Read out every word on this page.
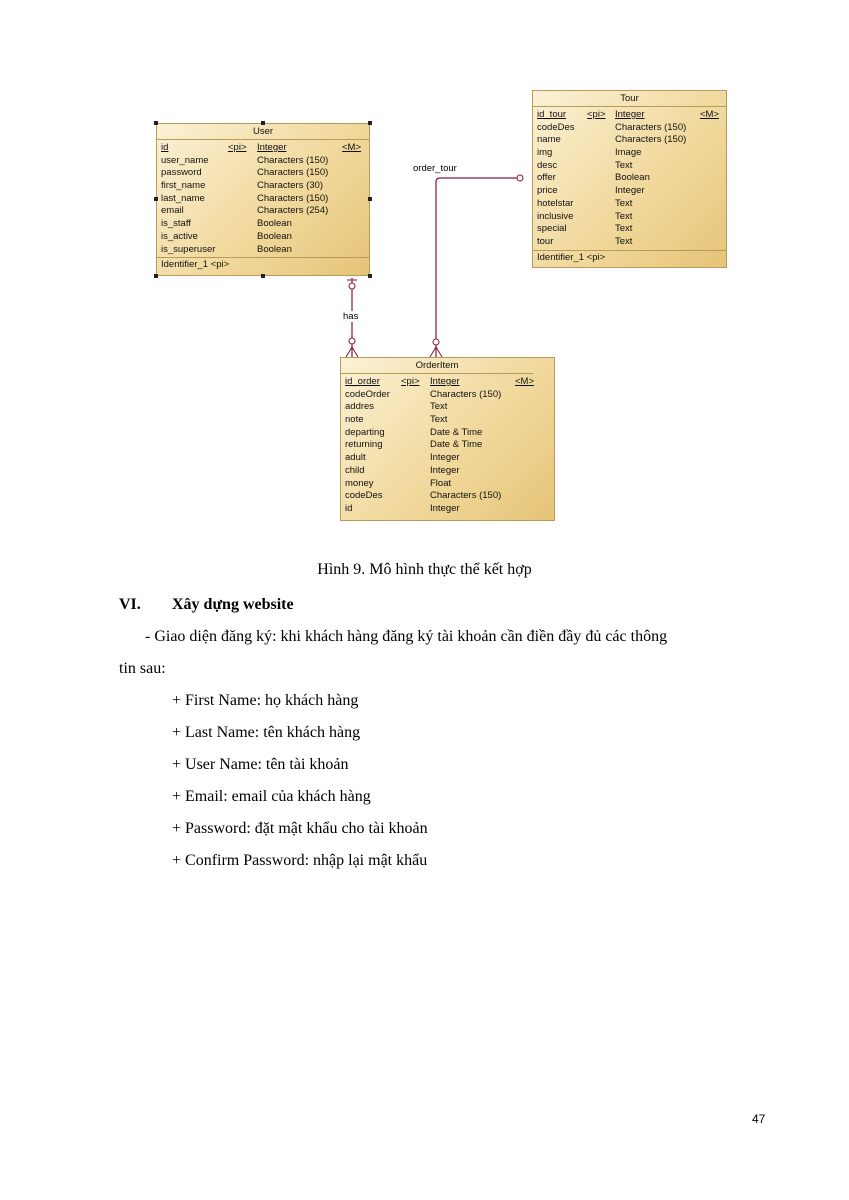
order_tour
has
User
id	<pi> Integer	<M>
user_name	Characters (150)
password	Characters (150)
first_name	Characters (30)
last_name	Characters (150)
email	Characters (254)
is_staff	Boolean
is_active	Boolean
is_superuser	Boolean
Identifier_1 <pi>
Tour
id_tour <pi> Integer	<M>
codeDes	Characters (150)
name	Characters (150)
img	Image
desc	Text
offer	Boolean
price	Integer
hotelstar	Text
inclusive	Text
special	Text
tour	Text
Identifier_1 <pi>
OrderItem
id_order <pi> Integer	<M>
codeOrder	Characters (150)
addres	Text
note	Text
departing	Date & Time
returning	Date & Time
adult	Integer
child	Integer
money	Float
codeDes	Characters (150)
id	Integer
Hình 9. Mô hình thực thể kết hợp
VI. Xây dựng website
- Giao diện đăng ký: khi khách hàng đăng ký tài khoản cần điền đầy đủ các thông
tin sau:
+ First Name: họ khách hàng
+ Last Name: tên khách hàng
+ User Name: tên tài khoản
+ Email: email của khách hàng
+ Password: đặt mật khẩu cho tài khoản
+ Confirm Password: nhập lại mật khẩu
47
